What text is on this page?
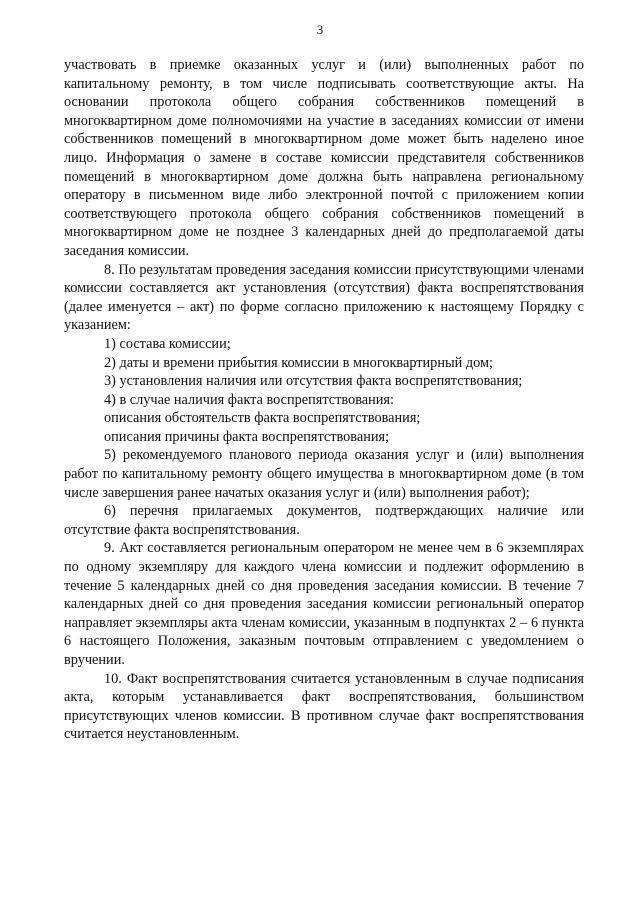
3

участвовать в приемке оказанных услуг и (или) выполненных работ по капитальному ремонту, в том числе подписывать соответствующие акты. На основании протокола общего собрания собственников помещений в многоквартирном доме полномочиями на участие в заседаниях комиссии от имени собственников помещений в многоквартирном доме может быть наделено иное лицо. Информация о замене в составе комиссии представителя собственников помещений в многоквартирном доме должна быть направлена региональному оператору в письменном виде либо электронной почтой с приложением копии соответствующего протокола общего собрания собственников помещений в многоквартирном доме не позднее 3 календарных дней до предполагаемой даты заседания комиссии.

8. По результатам проведения заседания комиссии присутствующими членами комиссии составляется акт установления (отсутствия) факта воспрепятствования (далее именуется – акт) по форме согласно приложению к настоящему Порядку с указанием:

1) состава комиссии;

2) даты и времени прибытия комиссии в многоквартирный дом;

3) установления наличия или отсутствия факта воспрепятствования;

4) в случае наличия факта воспрепятствования:

описания обстоятельств факта воспрепятствования;

описания причины факта воспрепятствования;

5) рекомендуемого планового периода оказания услуг и (или) выполнения работ по капитальному ремонту общего имущества в многоквартирном доме (в том числе завершения ранее начатых оказания услуг и (или) выполнения работ);

6) перечня прилагаемых документов, подтверждающих наличие или отсутствие факта воспрепятствования.

9. Акт составляется региональным оператором не менее чем в 6 экземплярах по одному экземпляру для каждого члена комиссии и подлежит оформлению в течение 5 календарных дней со дня проведения заседания комиссии. В течение 7 календарных дней со дня проведения заседания комиссии региональный оператор направляет экземпляры акта членам комиссии, указанным в подпунктах 2 – 6 пункта 6 настоящего Положения, заказным почтовым отправлением с уведомлением о вручении.

10. Факт воспрепятствования считается установленным в случае подписания акта, которым устанавливается факт воспрепятствования, большинством присутствующих членов комиссии. В противном случае факт воспрепятствования считается неустановленным.
